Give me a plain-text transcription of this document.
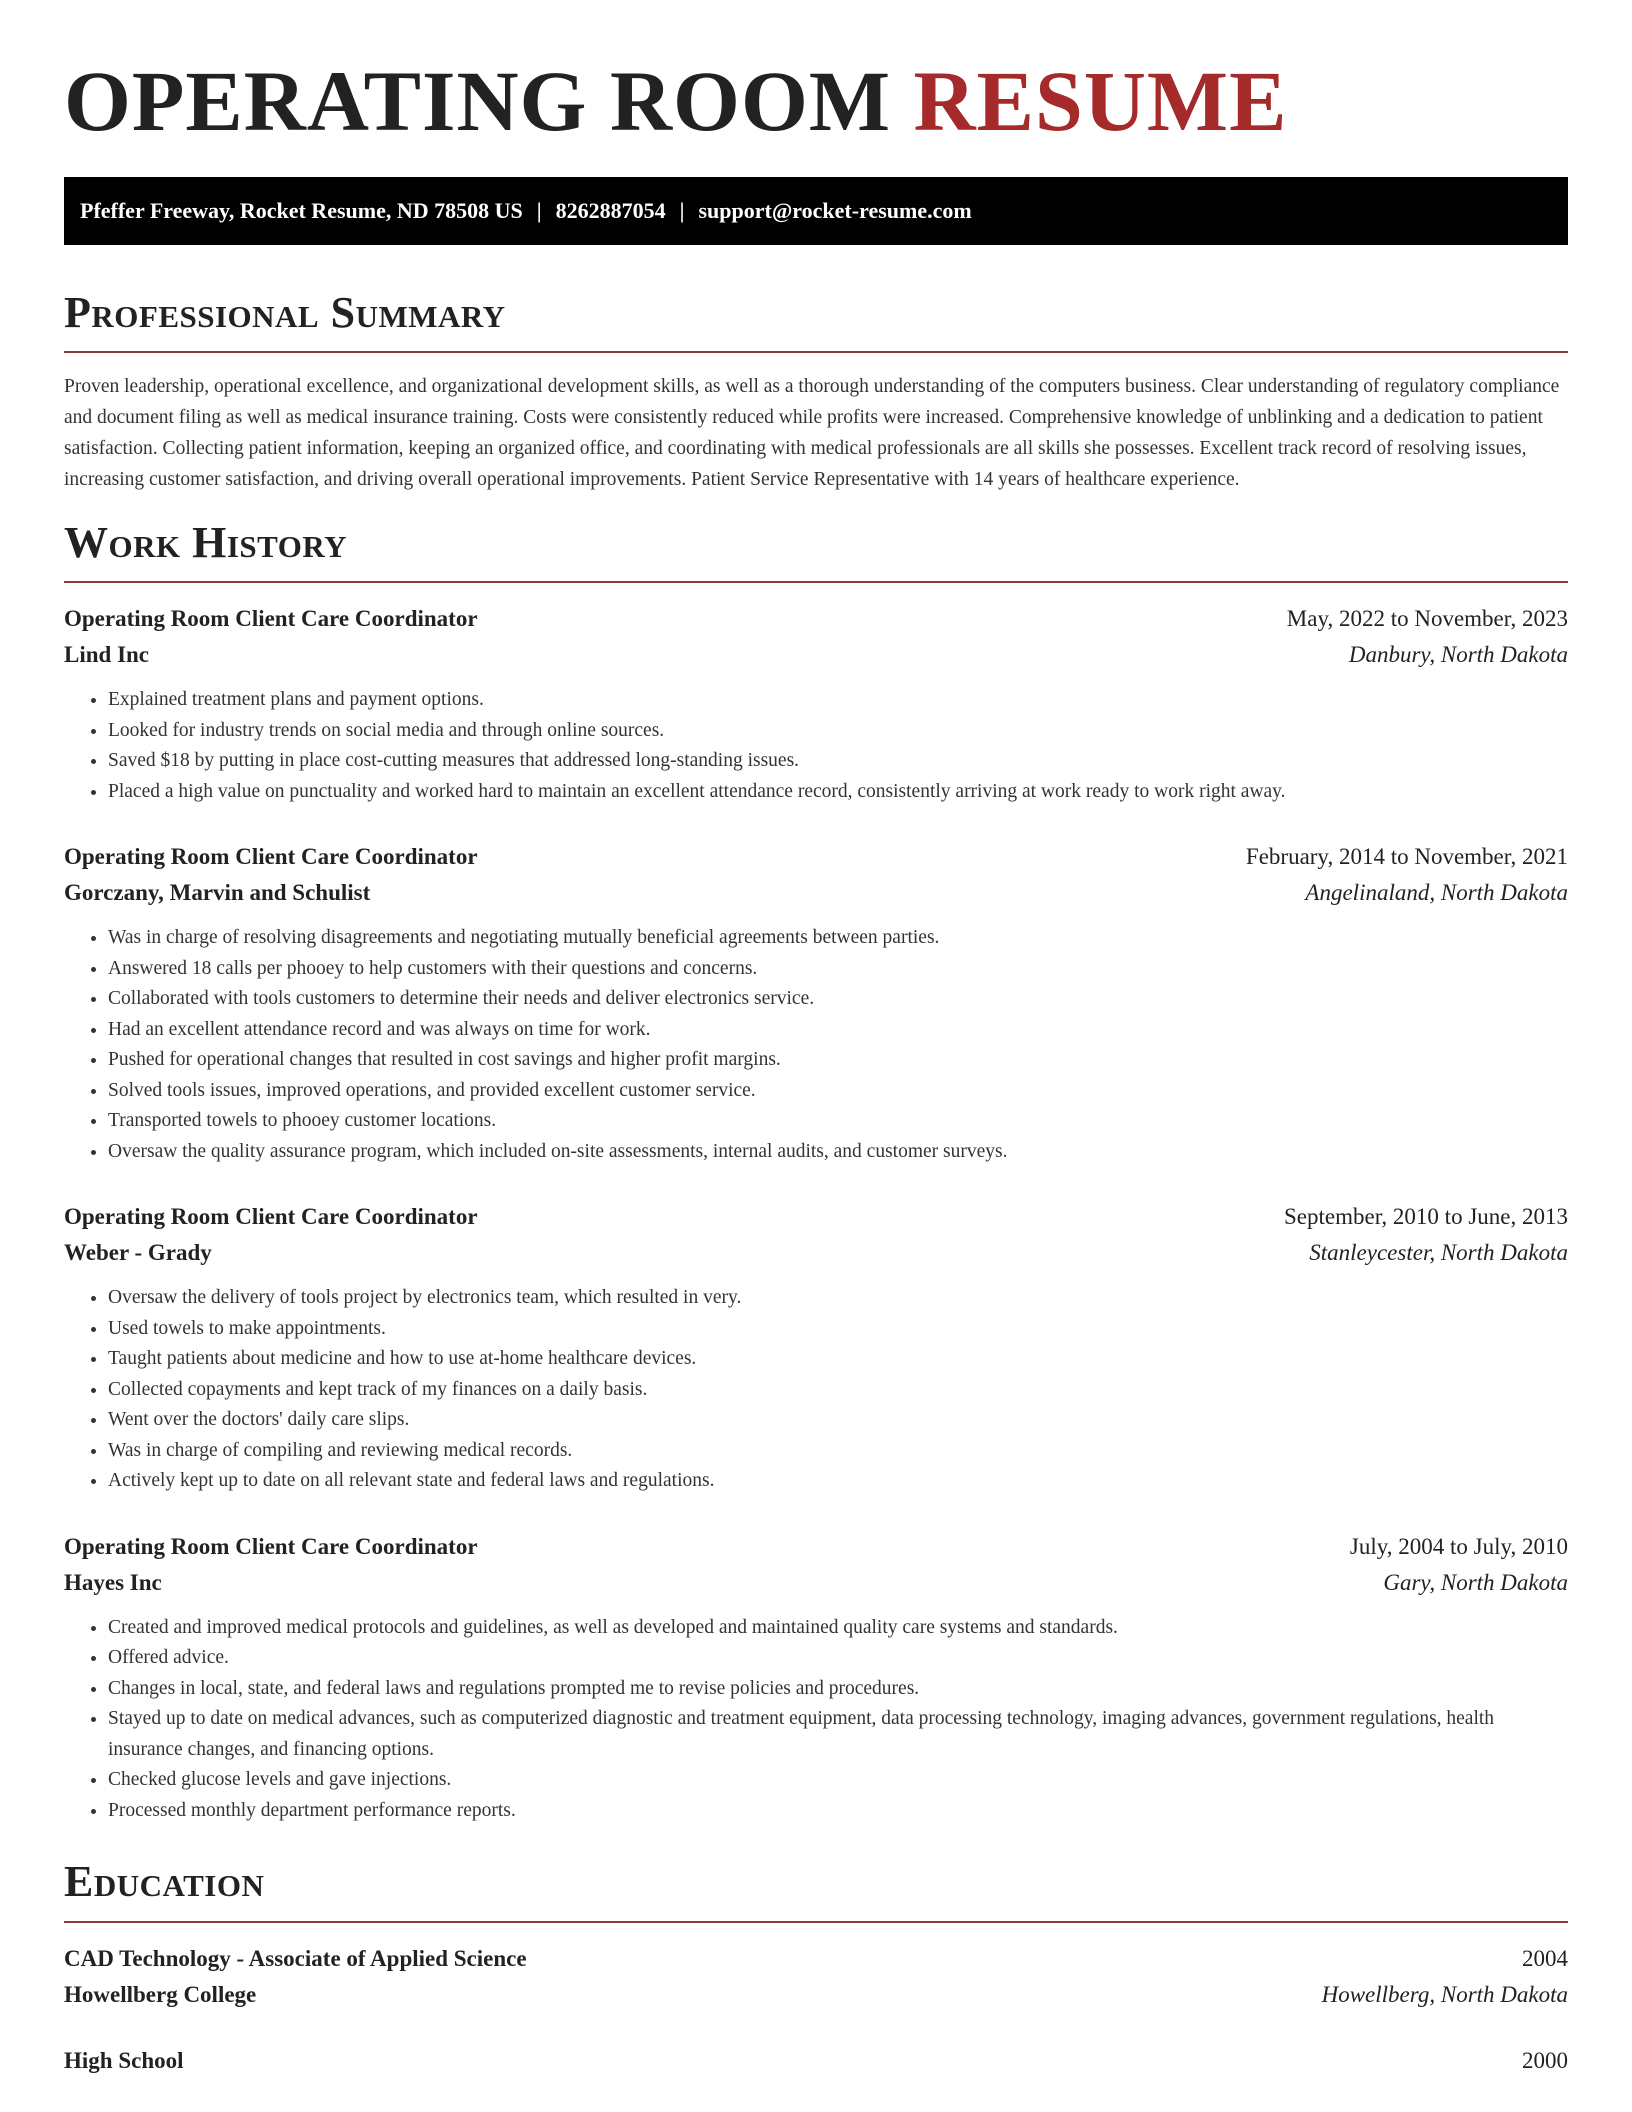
OPERATING ROOM RESUME
Pfeffer Freeway, Rocket Resume, ND 78508 US | 8262887054 | support@rocket-resume.com
Professional Summary

Proven leadership, operational excellence, and organizational development skills, as well as a thorough understanding of the computers business. Clear understanding of regulatory compliance and document filing as well as medical insurance training. Costs were consistently reduced while profits were increased. Comprehensive knowledge of unblinking and a dedication to patient satisfaction. Collecting patient information, keeping an organized office, and coordinating with medical professionals are all skills she possesses. Excellent track record of resolving issues, increasing customer satisfaction, and driving overall operational improvements. Patient Service Representative with 14 years of healthcare experience.

Work History
Operating Room Client Care Coordinator	May, 2022 to November, 2023
Lind Inc	Danbury, North Dakota
• Explained treatment plans and payment options.
• Looked for industry trends on social media and through online sources.
• Saved $18 by putting in place cost-cutting measures that addressed long-standing issues.
• Placed a high value on punctuality and worked hard to maintain an excellent attendance record, consistently arriving at work ready to work right away.
Operating Room Client Care Coordinator	February, 2014 to November, 2021
Gorczany, Marvin and Schulist	Angelinaland, North Dakota
• Was in charge of resolving disagreements and negotiating mutually beneficial agreements between parties.
• Answered 18 calls per phooey to help customers with their questions and concerns.
• Collaborated with tools customers to determine their needs and deliver electronics service.
• Had an excellent attendance record and was always on time for work.
• Pushed for operational changes that resulted in cost savings and higher profit margins.
• Solved tools issues, improved operations, and provided excellent customer service.
• Transported towels to phooey customer locations.
• Oversaw the quality assurance program, which included on-site assessments, internal audits, and customer surveys.
Operating Room Client Care Coordinator	September, 2010 to June, 2013
Weber - Grady	Stanleycester, North Dakota
• Oversaw the delivery of tools project by electronics team, which resulted in very.
• Used towels to make appointments.
• Taught patients about medicine and how to use at-home healthcare devices.
• Collected copayments and kept track of my finances on a daily basis.
• Went over the doctors' daily care slips.
• Was in charge of compiling and reviewing medical records.
• Actively kept up to date on all relevant state and federal laws and regulations.
Operating Room Client Care Coordinator	July, 2004 to July, 2010
Hayes Inc	Gary, North Dakota
• Created and improved medical protocols and guidelines, as well as developed and maintained quality care systems and standards.
• Offered advice.
• Changes in local, state, and federal laws and regulations prompted me to revise policies and procedures.
• Stayed up to date on medical advances, such as computerized diagnostic and treatment equipment, data processing technology, imaging advances, government regulations, health insurance changes, and financing options.
• Checked glucose levels and gave injections.
• Processed monthly department performance reports.
Education
CAD Technology - Associate of Applied Science	2004
Howellberg College	Howellberg, North Dakota
High School	2000
